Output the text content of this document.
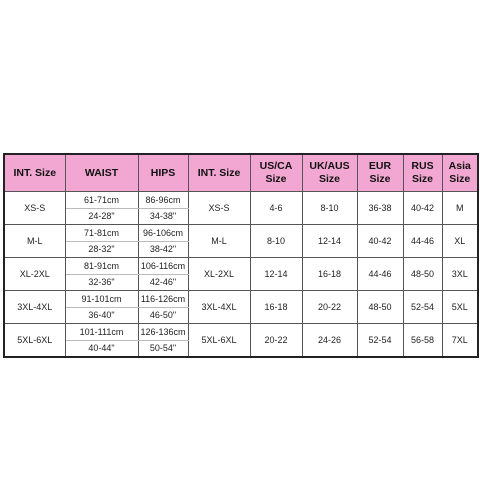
INT. Size	WAIST	HIPS	INT. Size	US/CA Size	UK/AUS Size	EUR Size	RUS Size	Asia Size
XS-S	61-71cm	86-96cm	XS-S	4-6	8-10	36-38	40-42	M
	24-28"	34-38"						
M-L	71-81cm	96-106cm	M-L	8-10	12-14	40-42	44-46	XL
	28-32"	38-42"						
XL-2XL	81-91cm	106-116cm	XL-2XL	12-14	16-18	44-46	48-50	3XL
	32-36"	42-46"						
3XL-4XL	91-101cm	116-126cm	3XL-4XL	16-18	20-22	48-50	52-54	5XL
	36-40"	46-50"						
5XL-6XL	101-111cm	126-136cm	5XL-6XL	20-22	24-26	52-54	56-58	7XL
	40-44"	50-54"						
